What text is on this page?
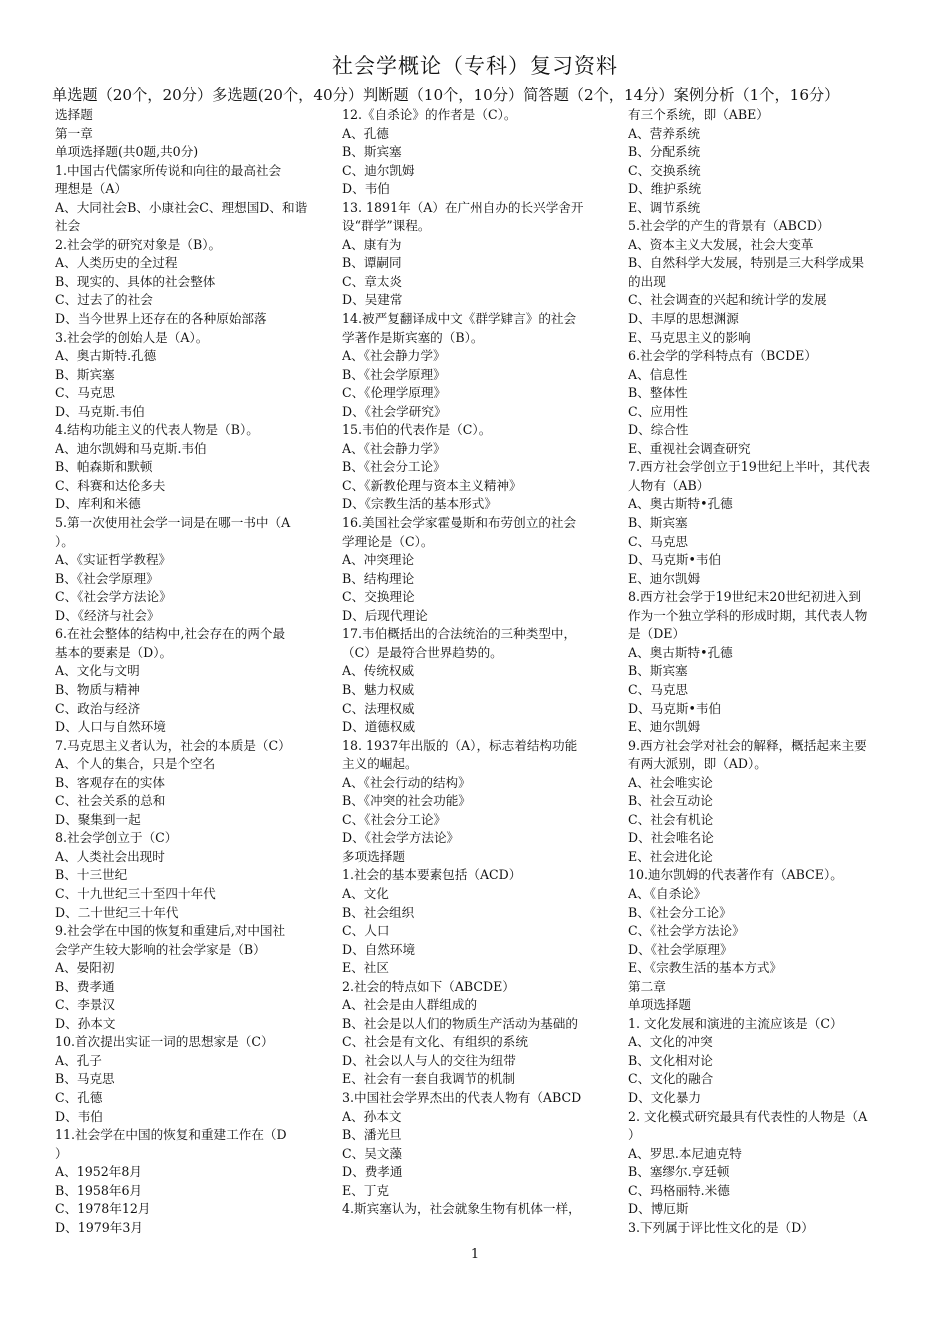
社会学概论（专科）复习资料
单选题（20个，20分）多选题(20个，40分）判断题（10个，10分）简答题（2个，14分）案例分析（1个，16分）
选择题
第一章
单项选择题(共0题,共0分)
1.中国古代儒家所传说和向往的最高社会
理想是（A）
A、大同社会B、小康社会C、理想国D、和谐
社会
2.社会学的研究对象是（B）。
A、人类历史的全过程
B、现实的、具体的社会整体
C、过去了的社会
D、当今世界上还存在的各种原始部落
3.社会学的创始人是（A）。
A、奥古斯特.孔德
B、斯宾塞
C、马克思
D、马克斯.韦伯
4.结构功能主义的代表人物是（B）。
A、迪尔凯姆和马克斯.韦伯
B、帕森斯和默顿
C、科赛和达伦多夫
D、库利和米德
5.第一次使用社会学一词是在哪一书中（A
）。
A、《实证哲学教程》
B、《社会学原理》
C、《社会学方法论》
D、《经济与社会》
6.在社会整体的结构中,社会存在的两个最
基本的要素是（D）。
A、文化与文明
B、物质与精神
C、政治与经济
D、人口与自然环境
7.马克思主义者认为，社会的本质是（C）
A、个人的集合，只是个空名
B、客观存在的实体
C、社会关系的总和
D、聚集到一起
8.社会学创立于（C）
A、人类社会出现时
B、十三世纪
C、十九世纪三十至四十年代
D、二十世纪三十年代
9.社会学在中国的恢复和重建后,对中国社
会学产生较大影响的社会学家是（B）
A、晏阳初
B、费孝通
C、李景汉
D、孙本文
10.首次提出实证一词的思想家是（C）
A、孔子
B、马克思
C、孔德
D、韦伯
11.社会学在中国的恢复和重建工作在（D
）
A、1952年8月
B、1958年6月
C、1978年12月
D、1979年3月
12.《自杀论》的作者是（C）。
A、孔德
B、斯宾塞
C、迪尔凯姆
D、韦伯
13. 1891年（A）在广州自办的长兴学舍开
设“群学”课程。
A、康有为
B、谭嗣同
C、章太炎
D、吴建常
14.被严复翻译成中文《群学肄言》的社会
学著作是斯宾塞的（B）。
A、《社会静力学》
B、《社会学原理》
C、《伦理学原理》
D、《社会学研究》
15.韦伯的代表作是（C）。
A、《社会静力学》
B、《社会分工论》
C、《新教伦理与资本主义精神》
D、《宗教生活的基本形式》
16.美国社会学家霍曼斯和布劳创立的社会
学理论是（C）。
A、冲突理论
B、结构理论
C、交换理论
D、后现代理论
17.韦伯概括出的合法统治的三种类型中，
（C）是最符合世界趋势的。
A、传统权威
B、魅力权威
C、法理权威
D、道德权威
18. 1937年出版的（A），标志着结构功能
主义的崛起。
A、《社会行动的结构》
B、《冲突的社会功能》
C、《社会分工论》
D、《社会学方法论》
多项选择题
1.社会的基本要素包括（ACD）
A、文化
B、社会组织
C、人口
D、自然环境
E、社区
2.社会的特点如下（ABCDE）
A、社会是由人群组成的
B、社会是以人们的物质生产活动为基础的
C、社会是有文化、有组织的系统
D、社会以人与人的交往为纽带
E、社会有一套自我调节的机制
3.中国社会学界杰出的代表人物有（ABCD
A、孙本文
B、潘光旦
C、吴文藻
D、费孝通
E、丁克
4.斯宾塞认为，社会就象生物有机体一样，
有三个系统，即（ABE）
A、营养系统
B、分配系统
C、交换系统
D、维护系统
E、调节系统
5.社会学的产生的背景有（ABCD）
A、资本主义大发展，社会大变革
B、自然科学大发展，特别是三大科学成果
的出现
C、社会调查的兴起和统计学的发展
D、丰厚的思想渊源
E、马克思主义的影响
6.社会学的学科特点有（BCDE）
A、信息性
B、整体性
C、应用性
D、综合性
E、重视社会调查研究
7.西方社会学创立于19世纪上半叶，其代表
人物有（AB）
A、奥古斯特•孔德
B、斯宾塞
C、马克思
D、马克斯•韦伯
E、迪尔凯姆
8.西方社会学于19世纪末20世纪初进入到
作为一个独立学科的形成时期，其代表人物
是（DE）
A、奥古斯特•孔德
B、斯宾塞
C、马克思
D、马克斯•韦伯
E、迪尔凯姆
9.西方社会学对社会的解释，概括起来主要
有两大派别，即（AD）。
A、社会唯实论
B、社会互动论
C、社会有机论
D、社会唯名论
E、社会进化论
10.迪尔凯姆的代表著作有（ABCE）。
A、《自杀论》
B、《社会分工论》
C、《社会学方法论》
D、《社会学原理》
E、《宗教生活的基本方式》
第二章
单项选择题
1. 文化发展和演进的主流应该是（C）
A、文化的冲突
B、文化相对论
C、文化的融合
D、文化暴力
2. 文化模式研究最具有代表性的人物是（A
）
A、罗思.本尼迪克特
B、塞缪尔.亨廷顿
C、玛格丽特.米德
D、博厄斯
3.下列属于评比性文化的是（D）
1
